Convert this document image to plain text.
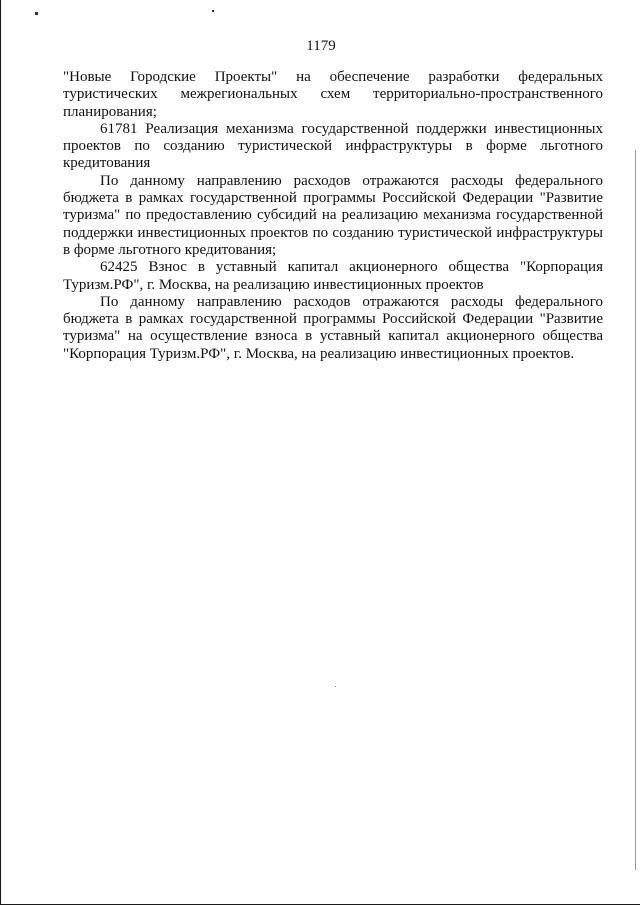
1179

"Новые Городские Проекты" на обеспечение разработки федеральных туристических межрегиональных схем территориально-пространственного планирования;

61781 Реализация механизма государственной поддержки инвестиционных проектов по созданию туристической инфраструктуры в форме льготного кредитования

По данному направлению расходов отражаются расходы федерального бюджета в рамках государственной программы Российской Федерации "Развитие туризма" по предоставлению субсидий на реализацию механизма государственной поддержки инвестиционных проектов по созданию туристической инфраструктуры в форме льготного кредитования;

62425 Взнос в уставный капитал акционерного общества "Корпорация Туризм.РФ", г. Москва, на реализацию инвестиционных проектов

По данному направлению расходов отражаются расходы федерального бюджета в рамках государственной программы Российской Федерации "Развитие туризма" на осуществление взноса в уставный капитал акционерного общества "Корпорация Туризм.РФ", г. Москва, на реализацию инвестиционных проектов.
